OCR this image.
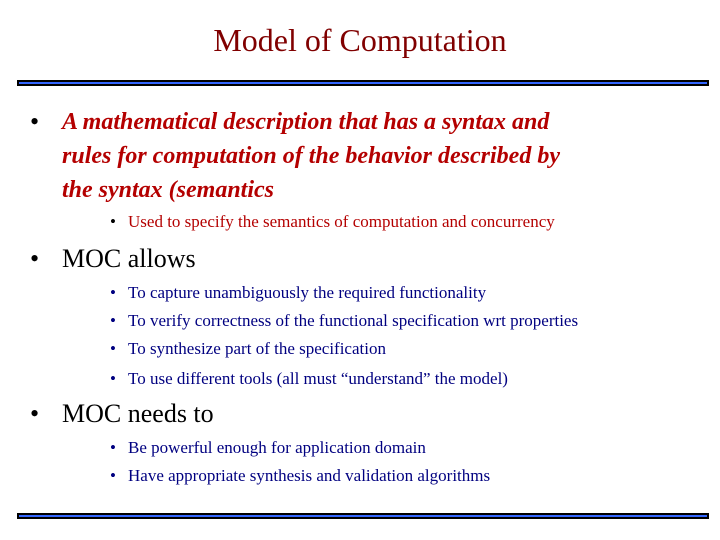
Model of Computation
• A mathematical description that has a syntax and
rules for computation of the behavior described by
the syntax (semantics
• Used to specify the semantics of computation and concurrency
• MOC allows
• To capture unambiguously the required functionality
• To verify correctness of the functional specification wrt properties
• To synthesize part of the specification
• To use different tools (all must “understand” the model)
• MOC needs to
• Be powerful enough for application domain
• Have appropriate synthesis and validation algorithms
